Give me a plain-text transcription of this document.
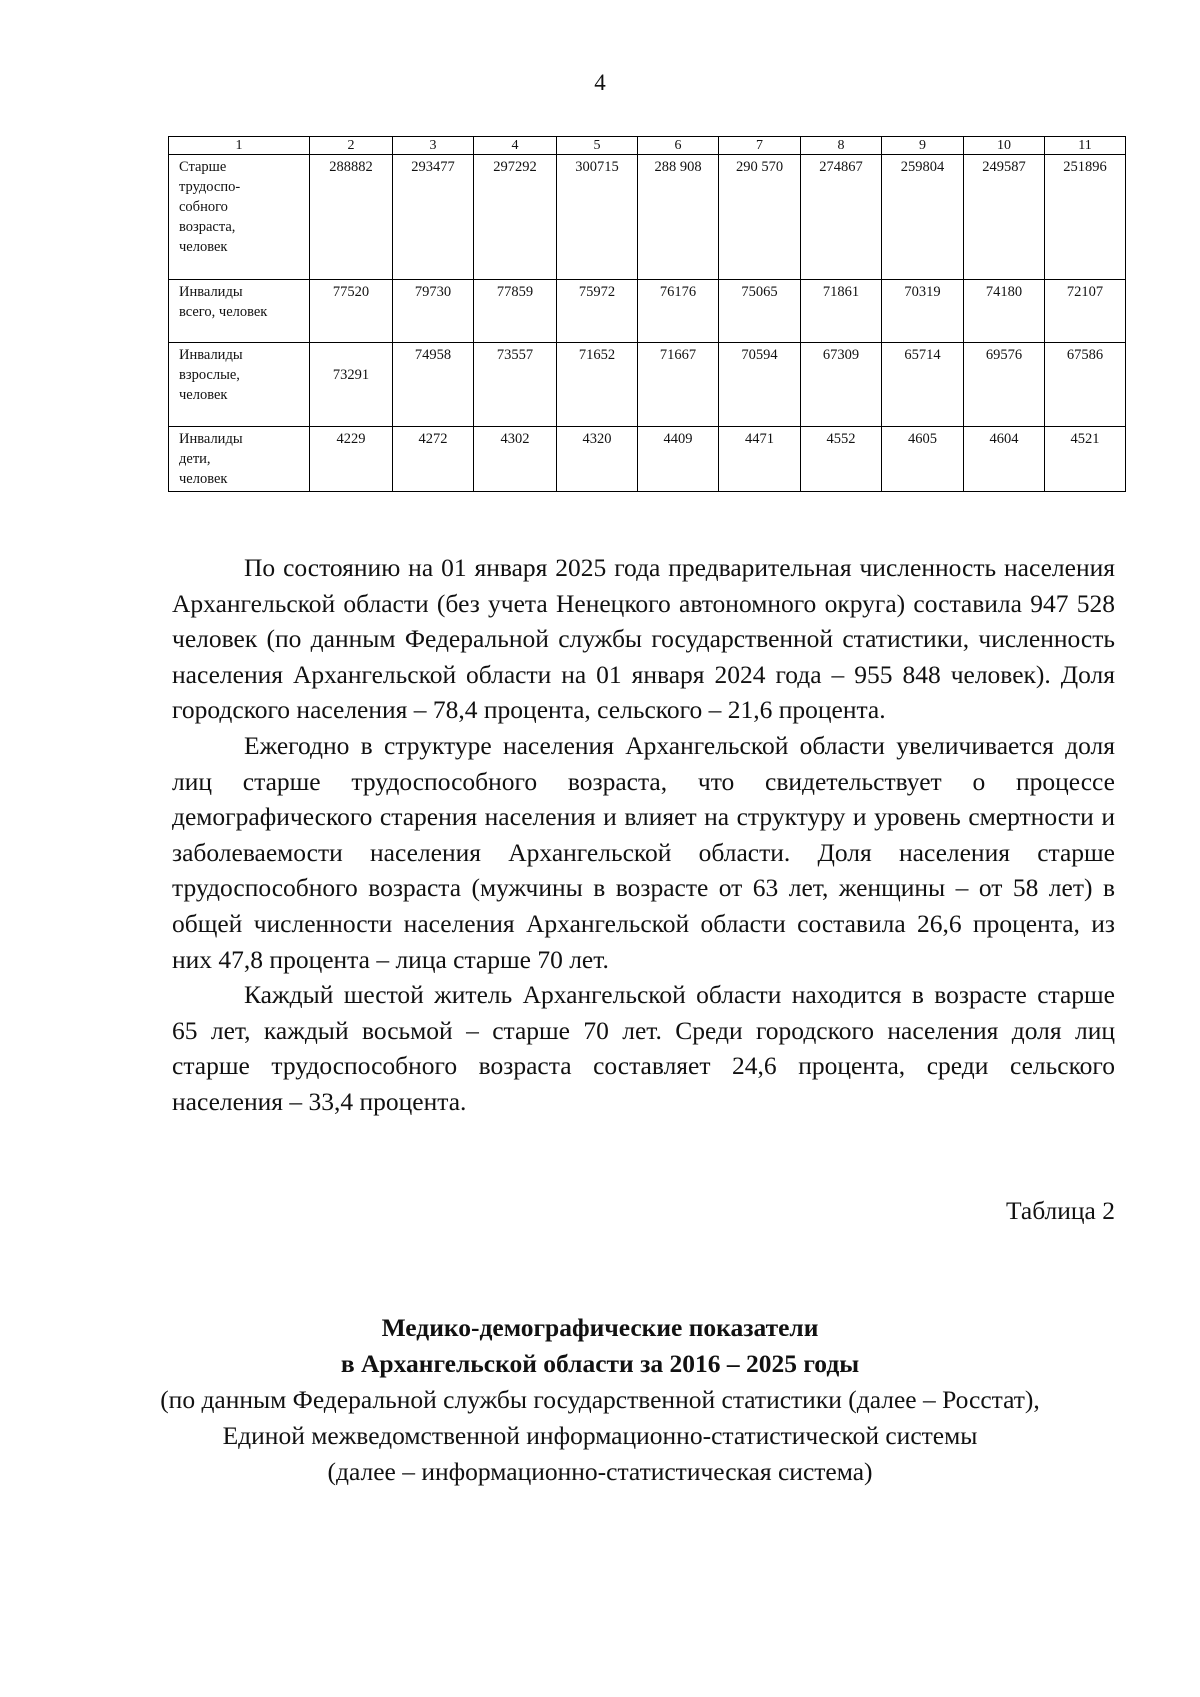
4
1	2	3	4	5	6	7	8	9	10	11
Старше
трудоспо-
собного
возраста,
человек	288882	293477	297292	300715	288 908	290 570	274867	259804	249587	251896
Инвалиды
всего, человек	77520	79730	77859	75972	76176	75065	71861	70319	74180	72107
Инвалиды
взрослые,
человек	73291	74958	73557	71652	71667	70594	67309	65714	69576	67586
Инвалиды
дети,
человек	4229	4272	4302	4320	4409	4471	4552	4605	4604	4521

По состоянию на 01 января 2025 года предварительная численность населения Архангельской области (без учета Ненецкого автономного округа) составила 947 528 человек (по данным Федеральной службы государственной статистики, численность населения Архангельской области на 01 января 2024 года – 955 848 человек). Доля городского населения – 78,4 процента, сельского – 21,6 процента.

Ежегодно в структуре населения Архангельской области увеличивается доля лиц старше трудоспособного возраста, что свидетельствует о процессе демографического старения населения и влияет на структуру и уровень смертности и заболеваемости населения Архангельской области. Доля населения старше трудоспособного возраста (мужчины в возрасте от 63 лет, женщины – от 58 лет) в общей численности населения Архангельской области составила 26,6 процента, из них 47,8 процента – лица старше 70 лет.

Каждый шестой житель Архангельской области находится в возрасте старше 65 лет, каждый восьмой – старше 70 лет. Среди городского населения доля лиц старше трудоспособного возраста составляет 24,6 процента, среди сельского населения – 33,4 процента.

Таблица 2
Медико-демографические показатели
в Архангельской области за 2016 – 2025 годы
(по данным Федеральной службы государственной статистики (далее – Росстат),
Единой межведомственной информационно-статистической системы
(далее – информационно-статистическая система)
